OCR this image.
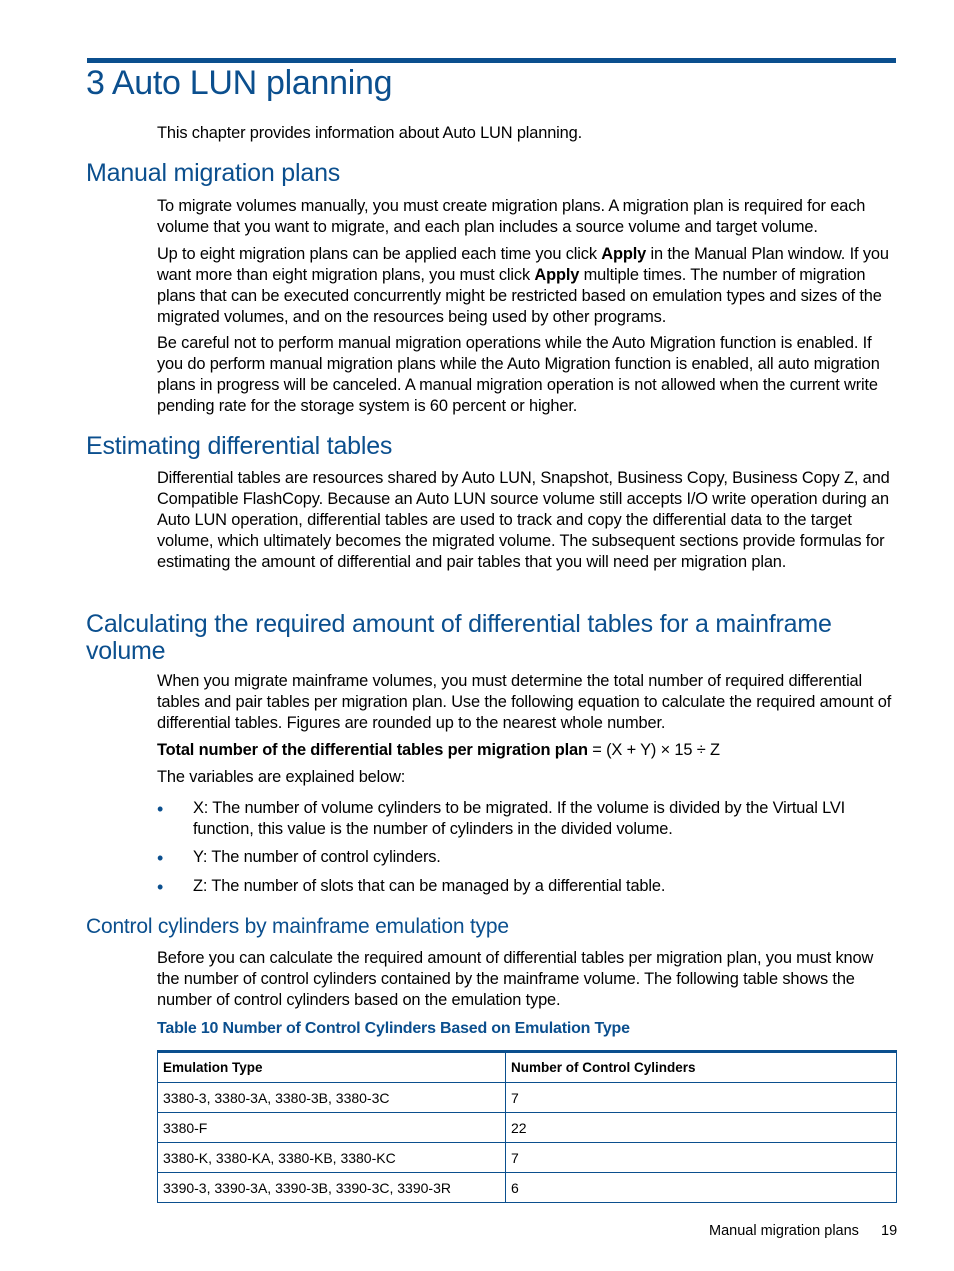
3 Auto LUN planning

This chapter provides information about Auto LUN planning.

Manual migration plans

To migrate volumes manually, you must create migration plans. A migration plan is required for each volume that you want to migrate, and each plan includes a source volume and target volume.

Up to eight migration plans can be applied each time you click Apply in the Manual Plan window. If you want more than eight migration plans, you must click Apply multiple times. The number of migration plans that can be executed concurrently might be restricted based on emulation types and sizes of the migrated volumes, and on the resources being used by other programs.

Be careful not to perform manual migration operations while the Auto Migration function is enabled. If you do perform manual migration plans while the Auto Migration function is enabled, all auto migration plans in progress will be canceled. A manual migration operation is not allowed when the current write pending rate for the storage system is 60 percent or higher.

Estimating differential tables

Differential tables are resources shared by Auto LUN, Snapshot, Business Copy, Business Copy Z, and Compatible FlashCopy. Because an Auto LUN source volume still accepts I/O write operation during an Auto LUN operation, differential tables are used to track and copy the differential data to the target volume, which ultimately becomes the migrated volume. The subsequent sections provide formulas for estimating the amount of differential and pair tables that you will need per migration plan.

Calculating the required amount of differential tables for a mainframe volume

When you migrate mainframe volumes, you must determine the total number of required differential tables and pair tables per migration plan. Use the following equation to calculate the required amount of differential tables. Figures are rounded up to the nearest whole number.

Total number of the differential tables per migration plan = (X + Y) × 15 ÷ Z

The variables are explained below:

• X: The number of volume cylinders to be migrated. If the volume is divided by the Virtual LVI function, this value is the number of cylinders in the divided volume.
• Y: The number of control cylinders.
• Z: The number of slots that can be managed by a differential table.
Control cylinders by mainframe emulation type

Before you can calculate the required amount of differential tables per migration plan, you must know the number of control cylinders contained by the mainframe volume. The following table shows the number of control cylinders based on the emulation type.

Table 10 Number of Control Cylinders Based on Emulation Type

Emulation Type	Number of Control Cylinders
3380-3, 3380-3A, 3380-3B, 3380-3C	7
3380-F	22
3380-K, 3380-KA, 3380-KB, 3380-KC	7
3390-3, 3390-3A, 3390-3B, 3390-3C, 3390-3R	6
Manual migration plans 19
